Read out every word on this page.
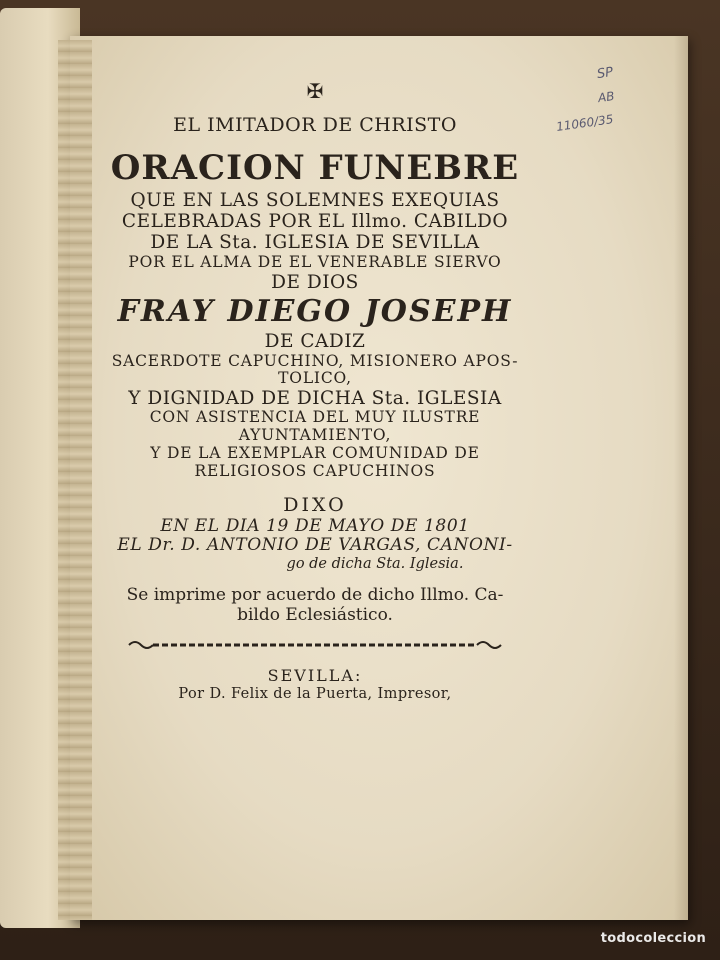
SP
AB
11060/35
✠
EL IMITADOR DE CHRISTO
ORACION FUNEBRE
QUE EN LAS SOLEMNES EXEQUIAS
CELEBRADAS POR EL Illmo. CABILDO
DE LA Sta. IGLESIA DE SEVILLA
POR EL ALMA DE EL VENERABLE SIERVO
DE DIOS
FRAY DIEGO JOSEPH
DE CADIZ
SACERDOTE CAPUCHINO, MISIONERO APOS-
TOLICO,
Y DIGNIDAD DE DICHA Sta. IGLESIA
CON ASISTENCIA DEL MUY ILUSTRE
AYUNTAMIENTO,
Y DE LA EXEMPLAR COMUNIDAD DE
RELIGIOSOS CAPUCHINOS
DIXO
EN EL DIA 19 DE MAYO DE 1801
EL Dr. D. ANTONIO DE VARGAS, CANONI-
go de dicha Sta. Iglesia.
Se imprime por acuerdo de dicho Illmo. Ca-
bildo Eclesiástico.
SEVILLA:
Por D. Felix de la Puerta, Impresor,
todocoleccion
